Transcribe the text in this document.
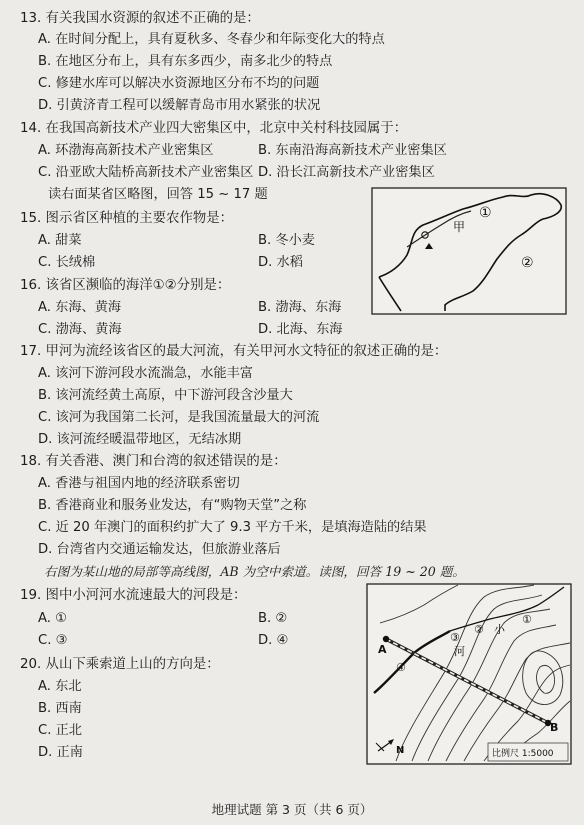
13. 有关我国水资源的叙述不正确的是：
A. 在时间分配上，具有夏秋多、冬春少和年际变化大的特点
B. 在地区分布上，具有东多西少，南多北少的特点
C. 修建水库可以解决水资源地区分布不均的问题
D. 引黄济青工程可以缓解青岛市用水紧张的状况
14. 在我国高新技术产业四大密集区中，北京中关村科技园属于：
A. 环渤海高新技术产业密集区	B. 东南沿海高新技术产业密集区
C. 沿亚欧大陆桥高新技术产业密集区 D. 沿长江高新技术产业密集区
读右面某省区略图，回答 15 ~ 17 题
15. 图示省区种植的主要农作物是：
A. 甜菜	B. 冬小麦
C. 长绒棉	D. 水稻
16. 该省区濒临的海洋①②分别是：
A. 东海、黄海	B. 渤海、东海
C. 渤海、黄海	D. 北海、东海
甲
①
②
17. 甲河为流经该省区的最大河流，有关甲河水文特征的叙述正确的是：
A. 该河下游河段水流湍急，水能丰富
B. 该河流经黄土高原，中下游河段含沙量大
C. 该河为我国第二长河，是我国流量最大的河流
D. 该河流经暖温带地区，无结冰期
18. 有关香港、澳门和台湾的叙述错误的是：
A. 香港与祖国内地的经济联系密切
B. 香港商业和服务业发达，有“购物天堂”之称
C. 近 20 年澳门的面积约扩大了 9.3 平方千米，是填海造陆的结果
D. 台湾省内交通运输发达，但旅游业落后
右图为某山地的局部等高线图，AB 为空中索道。读图，回答 19 ~ 20 题。
19. 图中小河河水流速最大的河段是：
A. ①	B. ②
C. ③	D. ④
20. 从山下乘索道上山的方向是：
A. 东北
B. 西南
C. 正北
D. 正南
A
B
河
小
①
②
③
④
N	比例尺 1:5000
地理试题 第 3 页（共 6 页）
